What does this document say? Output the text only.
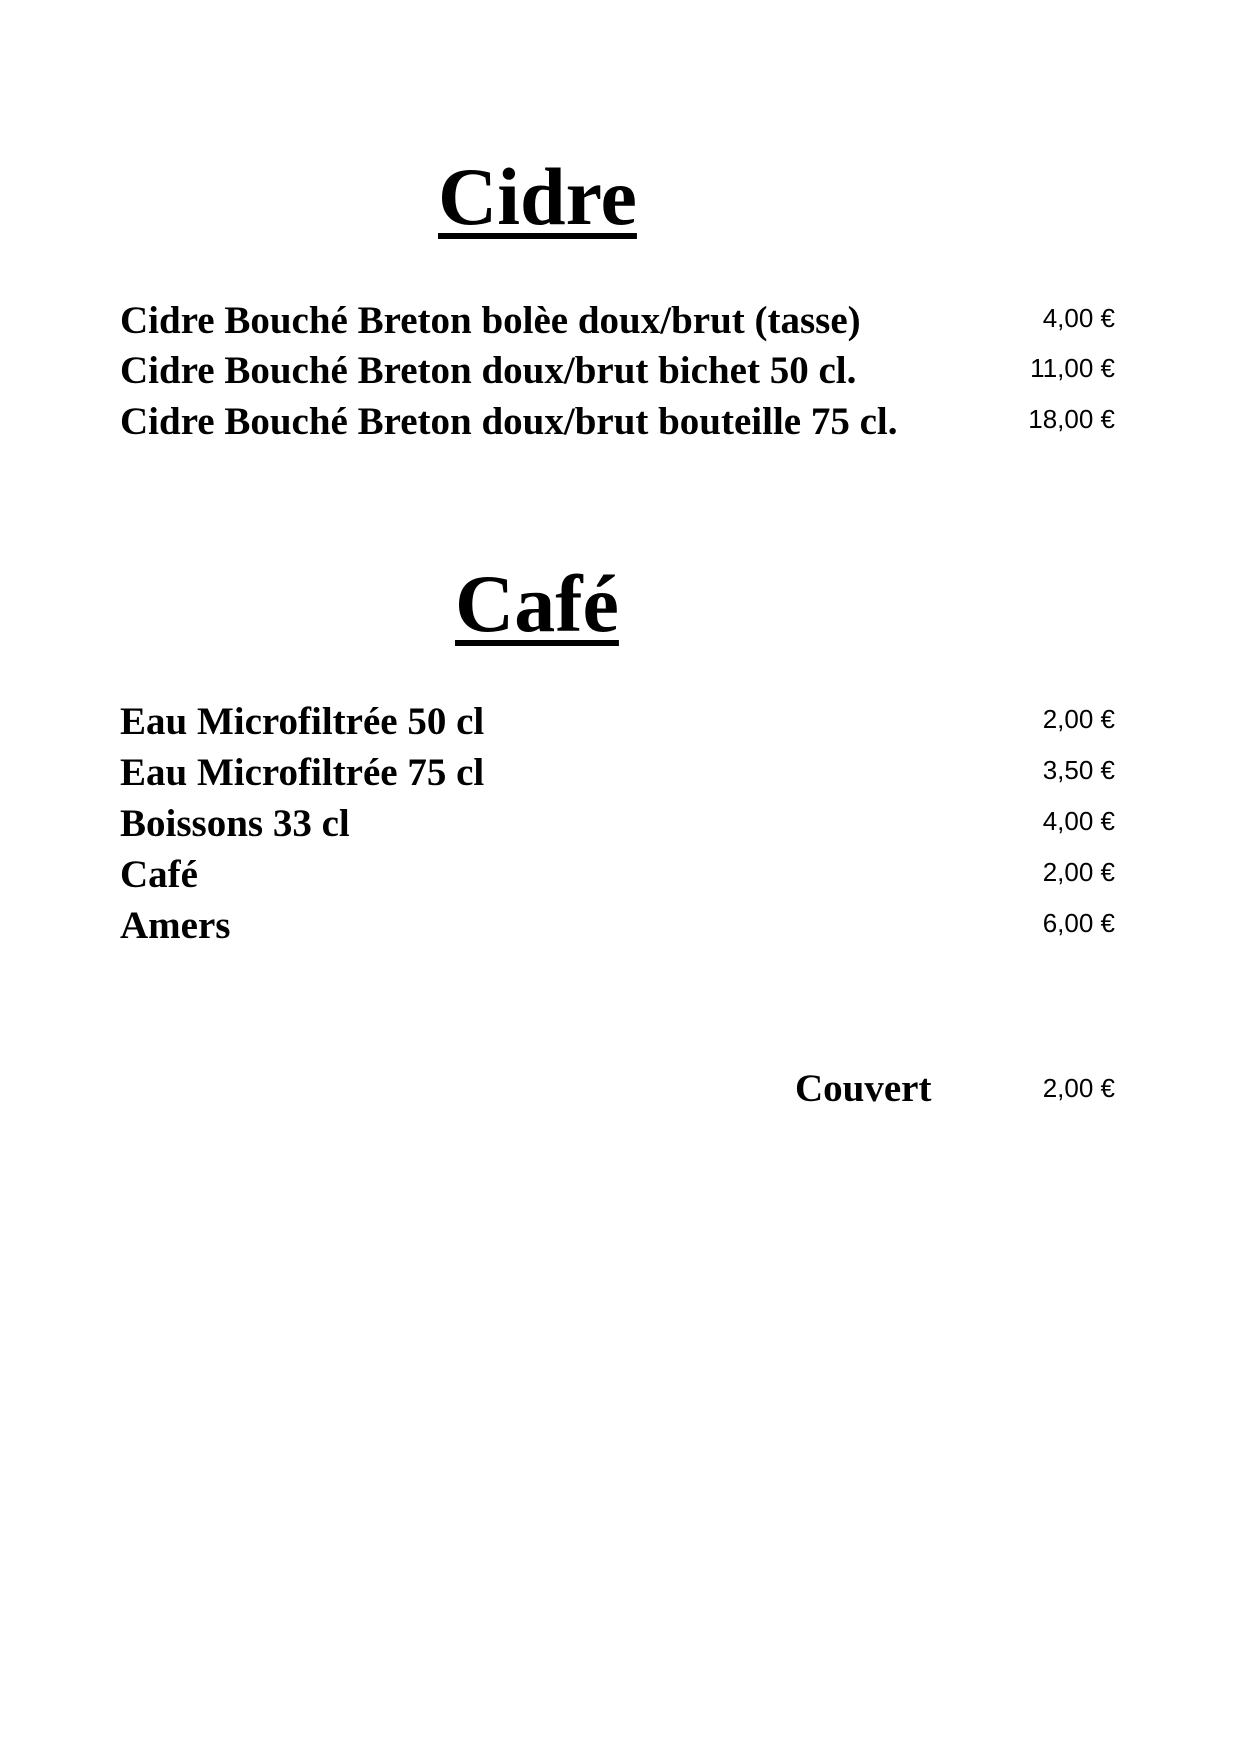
Cidre
Cidre Bouché Breton bolèe doux/brut (tasse)	4,00 €
Cidre Bouché Breton doux/brut bichet 50 cl.	11,00 €
Cidre Bouché Breton doux/brut bouteille 75 cl.	18,00 €
Café
Eau Microfiltrée 50 cl	2,00 €
Eau Microfiltrée 75 cl	3,50 €
Boissons 33 cl	4,00 €
Café	2,00 €
Amers	6,00 €
Couvert	2,00 €
